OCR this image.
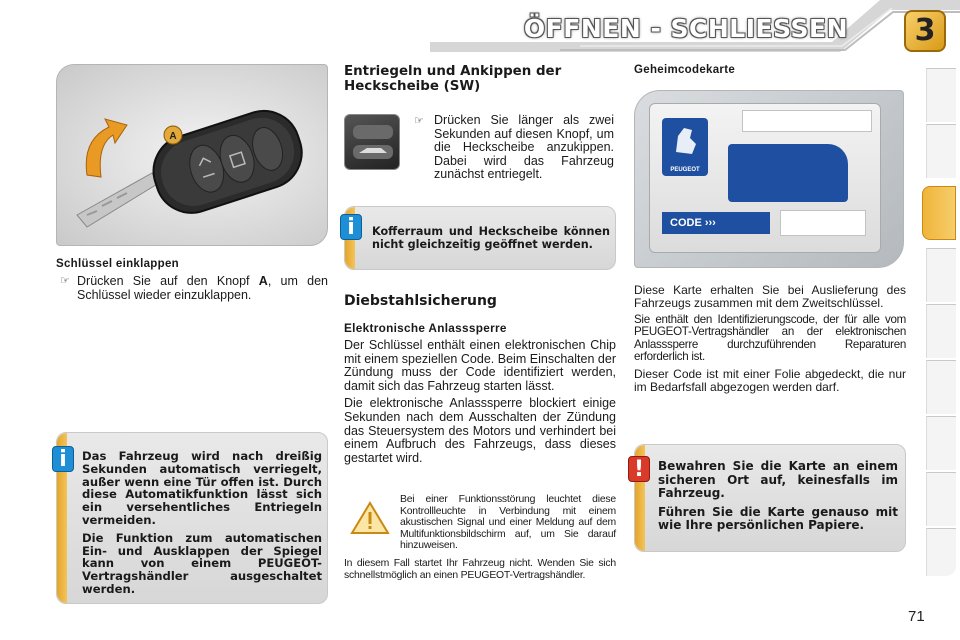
ÖFFNEN - SCHLIESSEN	3
A
Schlüssel einklappen
☞ Drücken Sie auf den Knopf A, um den Schlüssel wieder einzuklappen.
i	Das Fahrzeug wird nach dreißig Sekunden automatisch verriegelt, außer wenn eine Tür offen ist. Durch diese Automatikfunktion lässt sich ein versehentliches Entriegeln vermeiden.
Die Funktion zum automatischen Ein- und Ausklappen der Spiegel kann von einem PEUGEOT-Vertragshändler ausgeschaltet werden.
Entriegeln und Ankippen der Heckscheibe (SW)
☞ Drücken Sie länger als zwei Sekunden auf diesen Knopf, um die Heckscheibe anzukippen. Dabei wird das Fahrzeug zunächst entriegelt.
i	Kofferraum und Heckscheibe können nicht gleichzeitig geöffnet werden.
Diebstahlsicherung
Elektronische Anlasssperre
Der Schlüssel enthält einen elektronischen Chip mit einem speziellen Code. Beim Einschalten der Zündung muss der Code identifiziert werden, damit sich das Fahrzeug starten lässt.
Die elektronische Anlasssperre blockiert einige Sekunden nach dem Ausschalten der Zündung das Steuersystem des Motors und verhindert bei einem Aufbruch des Fahrzeugs, dass dieses gestartet wird.
Bei einer Funktionsstörung leuchtet diese Kontrollleuchte in Verbindung mit einem akustischen Signal und einer Meldung auf dem Multifunktionsbildschirm auf, um Sie darauf hinzuweisen.
In diesem Fall startet Ihr Fahrzeug nicht. Wenden Sie sich schnellstmöglich an einen PEUGEOT-Vertragshändler.
Geheimcodekarte
PEUGEOT
CODE ›››
Diese Karte erhalten Sie bei Auslieferung des Fahrzeugs zusammen mit dem Zweitschlüssel.
Sie enthält den Identifizierungscode, der für alle vom PEUGEOT-Vertragshändler an der elektronischen Anlasssperre durchzuführenden Reparaturen erforderlich ist.
Dieser Code ist mit einer Folie abgedeckt, die nur im Bedarfsfall abgezogen werden darf.
!	Bewahren Sie die Karte an einem sicheren Ort auf, keinesfalls im Fahrzeug.
Führen Sie die Karte genauso mit wie Ihre persönlichen Papiere.
71
